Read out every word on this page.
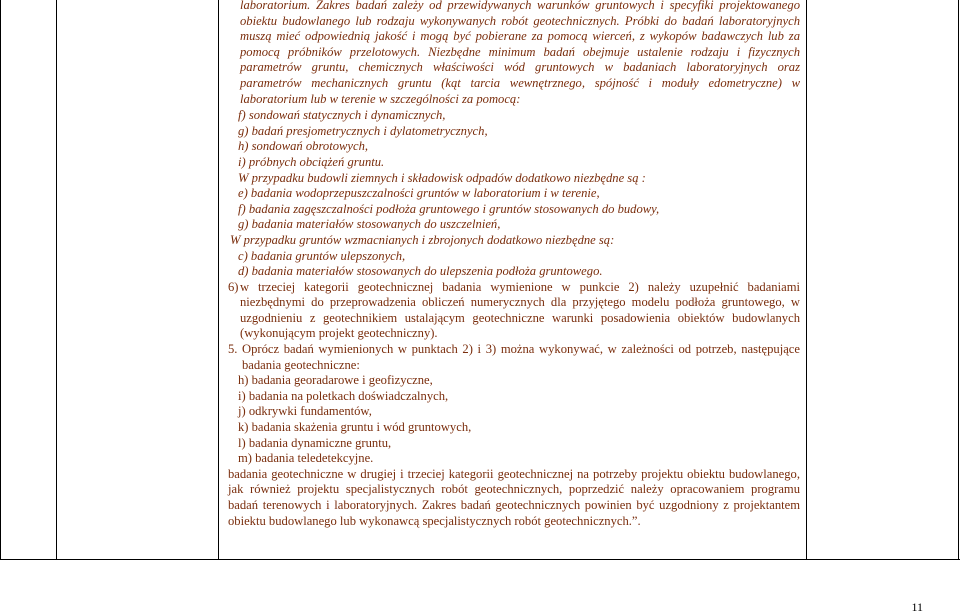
laboratorium. Zakres badań zależy od przewidywanych warunków gruntowych i specyfiki projektowanego obiektu budowlanego lub rodzaju wykonywanych robót geotechnicznych. Próbki do badań laboratoryjnych muszą mieć odpowiednią jakość i mogą być pobierane za pomocą wierceń, z wykopów badawczych lub za pomocą próbników przelotowych. Niezbędne minimum badań obejmuje ustalenie rodzaju i fizycznych parametrów gruntu, chemicznych właściwości wód gruntowych w badaniach laboratoryjnych oraz parametrów mechanicznych gruntu (kąt tarcia wewnętrznego, spójność i moduły edometryczne) w laboratorium lub w terenie w szczególności za pomocą:

f) sondowań statycznych i dynamicznych,
g) badań presjometrycznych i dylatometrycznych,
h) sondowań obrotowych,
i) próbnych obciążeń gruntu.
W przypadku budowli ziemnych i składowisk odpadów dodatkowo niezbędne są :
e) badania wodoprzepuszczalności gruntów w laboratorium i w terenie,
f) badania zagęszczalności podłoża gruntowego i gruntów stosowanych do budowy,
g) badania materiałów stosowanych do uszczelnień,
W przypadku gruntów wzmacnianych i zbrojonych dodatkowo niezbędne są:
c) badania gruntów ulepszonych,
d) badania materiałów stosowanych do ulepszenia podłoża gruntowego.
6) w trzeciej kategorii geotechnicznej badania wymienione w punkcie 2) należy uzupełnić badaniami niezbędnymi do przeprowadzenia obliczeń numerycznych dla przyjętego modelu podłoża gruntowego, w uzgodnieniu z geotechnikiem ustalającym geotechniczne warunki posadowienia obiektów budowlanych (wykonującym projekt geotechniczny).

5. Oprócz badań wymienionych w punktach 2) i 3) można wykonywać, w zależności od potrzeb, następujące badania geotechniczne:

h) badania georadarowe i geofizyczne,
i) badania na poletkach doświadczalnych,
j) odkrywki fundamentów,
k) badania skażenia gruntu i wód gruntowych,
l) badania dynamiczne gruntu,
m) badania teledetekcyjne.

badania geotechniczne w drugiej i trzeciej kategorii geotechnicznej na potrzeby projektu obiektu budowlanego, jak również projektu specjalistycznych robót geotechnicznych, poprzedzić należy opracowaniem programu badań terenowych i laboratoryjnych. Zakres badań geotechnicznych powinien być uzgodniony z projektantem obiektu budowlanego lub wykonawcą specjalistycznych robót geotechnicznych.”.

11
